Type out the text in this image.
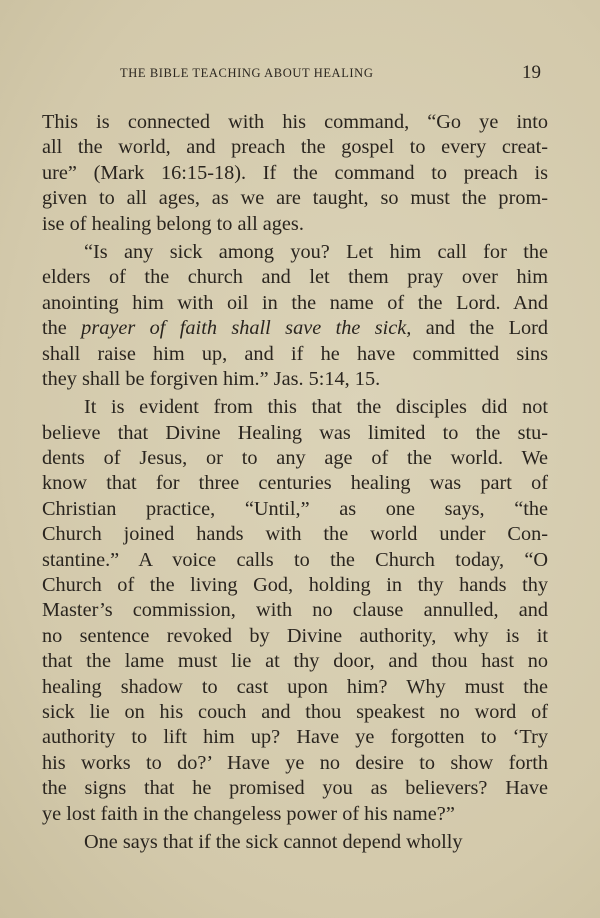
THE BIBLE TEACHING ABOUT HEALING	19
This is connected with his command, “Go ye into
all the world, and preach the gospel to every creat-
ure” (Mark 16:15-18). If the command to preach is
given to all ages, as we are taught, so must the prom-
ise of healing belong to all ages.
“Is any sick among you? Let him call for the
elders of the church and let them pray over him
anointing him with oil in the name of the Lord. And
the prayer of faith shall save the sick, and the Lord
shall raise him up, and if he have committed sins
they shall be forgiven him.” Jas. 5:14, 15.
It is evident from this that the disciples did not
believe that Divine Healing was limited to the stu-
dents of Jesus, or to any age of the world. We
know that for three centuries healing was part of
Christian practice, “Until,” as one says, “the
Church joined hands with the world under Con-
stantine.” A voice calls to the Church today, “O
Church of the living God, holding in thy hands thy
Master’s commission, with no clause annulled, and
no sentence revoked by Divine authority, why is it
that the lame must lie at thy door, and thou hast no
healing shadow to cast upon him? Why must the
sick lie on his couch and thou speakest no word of
authority to lift him up? Have ye forgotten to ‘Try
his works to do?’ Have ye no desire to show forth
the signs that he promised you as believers? Have
ye lost faith in the changeless power of his name?”
One says that if the sick cannot depend wholly
